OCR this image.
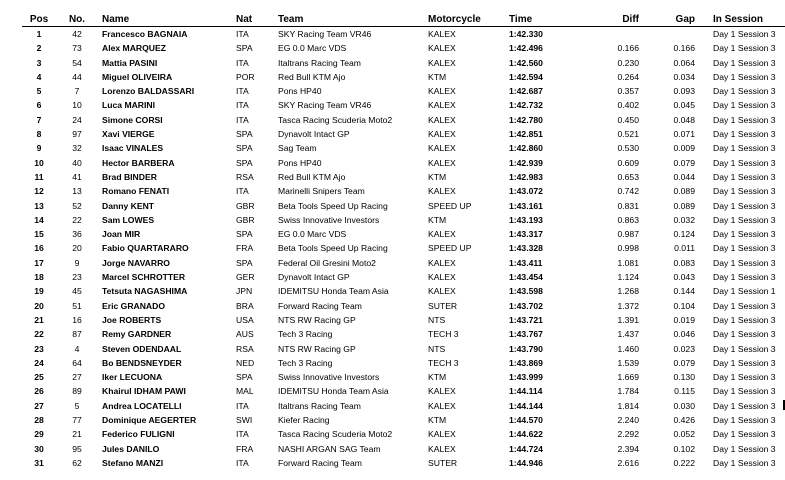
Pos	No.	Name	Nat	Team	Motorcycle	Time	Diff	Gap	In Session
1	42	Francesco BAGNAIA	ITA	SKY Racing Team VR46	KALEX	1:42.330			Day 1 Session 3
2	73	Alex MARQUEZ	SPA	EG 0.0 Marc VDS	KALEX	1:42.496	0.166	0.166	Day 1 Session 3
3	54	Mattia PASINI	ITA	Italtrans Racing Team	KALEX	1:42.560	0.230	0.064	Day 1 Session 3
4	44	Miguel OLIVEIRA	POR	Red Bull KTM Ajo	KTM	1:42.594	0.264	0.034	Day 1 Session 3
5	7	Lorenzo BALDASSARI	ITA	Pons HP40	KALEX	1:42.687	0.357	0.093	Day 1 Session 3
6	10	Luca MARINI	ITA	SKY Racing Team VR46	KALEX	1:42.732	0.402	0.045	Day 1 Session 3
7	24	Simone CORSI	ITA	Tasca Racing Scuderia Moto2	KALEX	1:42.780	0.450	0.048	Day 1 Session 3
8	97	Xavi VIERGE	SPA	Dynavolt Intact GP	KALEX	1:42.851	0.521	0.071	Day 1 Session 3
9	32	Isaac VINALES	SPA	Sag Team	KALEX	1:42.860	0.530	0.009	Day 1 Session 3
10	40	Hector BARBERA	SPA	Pons HP40	KALEX	1:42.939	0.609	0.079	Day 1 Session 3
11	41	Brad BINDER	RSA	Red Bull KTM Ajo	KTM	1:42.983	0.653	0.044	Day 1 Session 3
12	13	Romano FENATI	ITA	Marinelli Snipers Team	KALEX	1:43.072	0.742	0.089	Day 1 Session 3
13	52	Danny KENT	GBR	Beta Tools Speed Up Racing	SPEED UP	1:43.161	0.831	0.089	Day 1 Session 3
14	22	Sam LOWES	GBR	Swiss Innovative Investors	KTM	1:43.193	0.863	0.032	Day 1 Session 3
15	36	Joan MIR	SPA	EG 0.0 Marc VDS	KALEX	1:43.317	0.987	0.124	Day 1 Session 3
16	20	Fabio QUARTARARO	FRA	Beta Tools Speed Up Racing	SPEED UP	1:43.328	0.998	0.011	Day 1 Session 3
17	9	Jorge NAVARRO	SPA	Federal Oil Gresini Moto2	KALEX	1:43.411	1.081	0.083	Day 1 Session 3
18	23	Marcel SCHROTTER	GER	Dynavolt Intact GP	KALEX	1:43.454	1.124	0.043	Day 1 Session 3
19	45	Tetsuta NAGASHIMA	JPN	IDEMITSU Honda Team Asia	KALEX	1:43.598	1.268	0.144	Day 1 Session 1
20	51	Eric GRANADO	BRA	Forward Racing Team	SUTER	1:43.702	1.372	0.104	Day 1 Session 3
21	16	Joe ROBERTS	USA	NTS RW Racing GP	NTS	1:43.721	1.391	0.019	Day 1 Session 3
22	87	Remy GARDNER	AUS	Tech 3 Racing	TECH 3	1:43.767	1.437	0.046	Day 1 Session 3
23	4	Steven ODENDAAL	RSA	NTS RW Racing GP	NTS	1:43.790	1.460	0.023	Day 1 Session 3
24	64	Bo BENDSNEYDER	NED	Tech 3 Racing	TECH 3	1:43.869	1.539	0.079	Day 1 Session 3
25	27	Iker LECUONA	SPA	Swiss Innovative Investors	KTM	1:43.999	1.669	0.130	Day 1 Session 3
26	89	Khairul IDHAM PAWI	MAL	IDEMITSU Honda Team Asia	KALEX	1:44.114	1.784	0.115	Day 1 Session 3
27	5	Andrea LOCATELLI	ITA	Italtrans Racing Team	KALEX	1:44.144	1.814	0.030	Day 1 Session 3
28	77	Dominique AEGERTER	SWI	Kiefer Racing	KTM	1:44.570	2.240	0.426	Day 1 Session 3
29	21	Federico FULIGNI	ITA	Tasca Racing Scuderia Moto2	KALEX	1:44.622	2.292	0.052	Day 1 Session 3
30	95	Jules DANILO	FRA	NASHI ARGAN SAG Team	KALEX	1:44.724	2.394	0.102	Day 1 Session 3
31	62	Stefano MANZI	ITA	Forward Racing Team	SUTER	1:44.946	2.616	0.222	Day 1 Session 3
